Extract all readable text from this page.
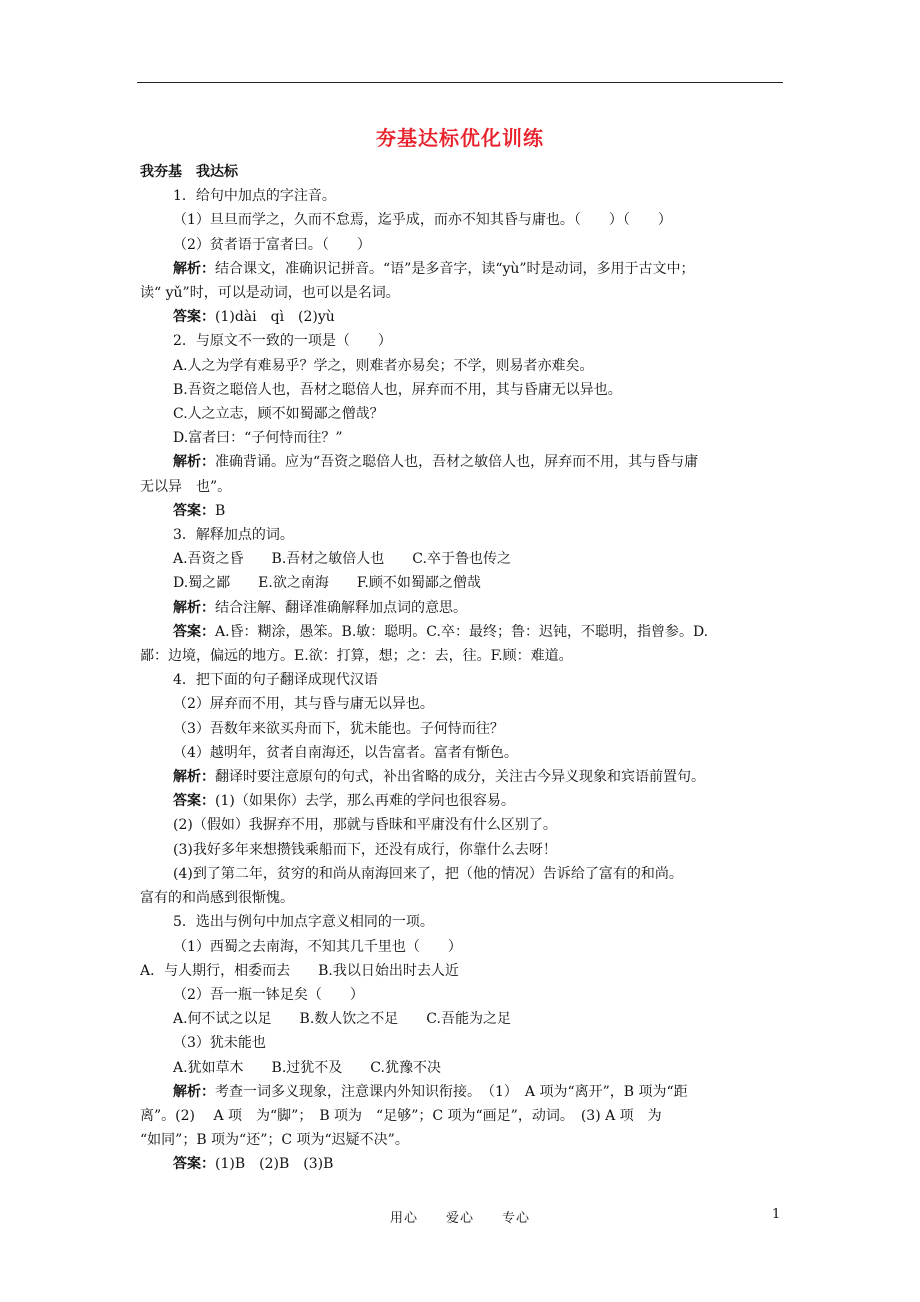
夯基达标优化训练
我夯基　我达标
1．给句中加点的字注音。
（1）旦旦而学之，久而不怠焉，迄乎成，而亦不知其昏与庸也。（　　）（　　）
（2）贫者语于富者曰。（　　）
解析：结合课文，准确识记拼音。“语”是多音字，读“yù”时是动词，多用于古文中；
读“ yǔ”时，可以是动词，也可以是名词。
答案：(1)dài　qì　(2)yù
2．与原文不一致的一项是（　　）
A.人之为学有难易乎？学之，则难者亦易矣；不学，则易者亦难矣。
B.吾资之聪倍人也，吾材之聪倍人也，屏弃而不用，其与昏庸无以异也。
C.人之立志，顾不如蜀鄙之僧哉？
D.富者曰：“子何恃而往？”
解析：准确背诵。应为“吾资之聪倍人也，吾材之敏倍人也，屏弃而不用，其与昏与庸
无以异　也”。
答案：B
3．解释加点的词。
A.吾资之昏　　B.吾材之敏倍人也　　C.卒于鲁也传之
D.蜀之鄙　　E.欲之南海　　F.顾不如蜀鄙之僧哉
解析：结合注解、翻译准确解释加点词的意思。
答案：A.昏：糊涂，愚笨。B.敏：聪明。C.卒：最终；鲁：迟钝，不聪明，指曾参。D.
鄙：边境，偏远的地方。E.欲：打算，想；之：去，往。F.顾：难道。
4．把下面的句子翻译成现代汉语
（2）屏弃而不用，其与昏与庸无以异也。
（3）吾数年来欲买舟而下，犹未能也。子何恃而往？
（4）越明年，贫者自南海还，以告富者。富者有惭色。
解析：翻译时要注意原句的句式，补出省略的成分，关注古今异义现象和宾语前置句。
答案：(1)（如果你）去学，那么再难的学问也很容易。
(2)（假如）我摒弃不用，那就与昏昧和平庸没有什么区别了。
(3)我好多年来想攒钱乘船而下，还没有成行，你靠什么去呀！
(4)到了第二年，贫穷的和尚从南海回来了，把（他的情况）告诉给了富有的和尚。
富有的和尚感到很惭愧。
5．选出与例句中加点字意义相同的一项。
（1）西蜀之去南海，不知其几千里也（　　）
A．与人期行，相委而去　　B.我以日始出时去人近
（2）吾一瓶一钵足矣（　　）
A.何不试之以足　　B.数人饮之不足　　C.吾能为之足
（3）犹未能也
A.犹如草木　　B.过犹不及　　C.犹豫不决
解析：考查一词多义现象，注意课内外知识衔接。　（1）　A 项为“离开”，B 项为“距
离”。(2)　 A 项　为“脚”；　B 项为　“足够”；C 项为“画足”，动词。　(3) A 项　为
“如同”；B 项为“还”；C 项为“迟疑不决”。
答案：(1)B　(2)B　(3)B
用心　　爱心　　专心	1
